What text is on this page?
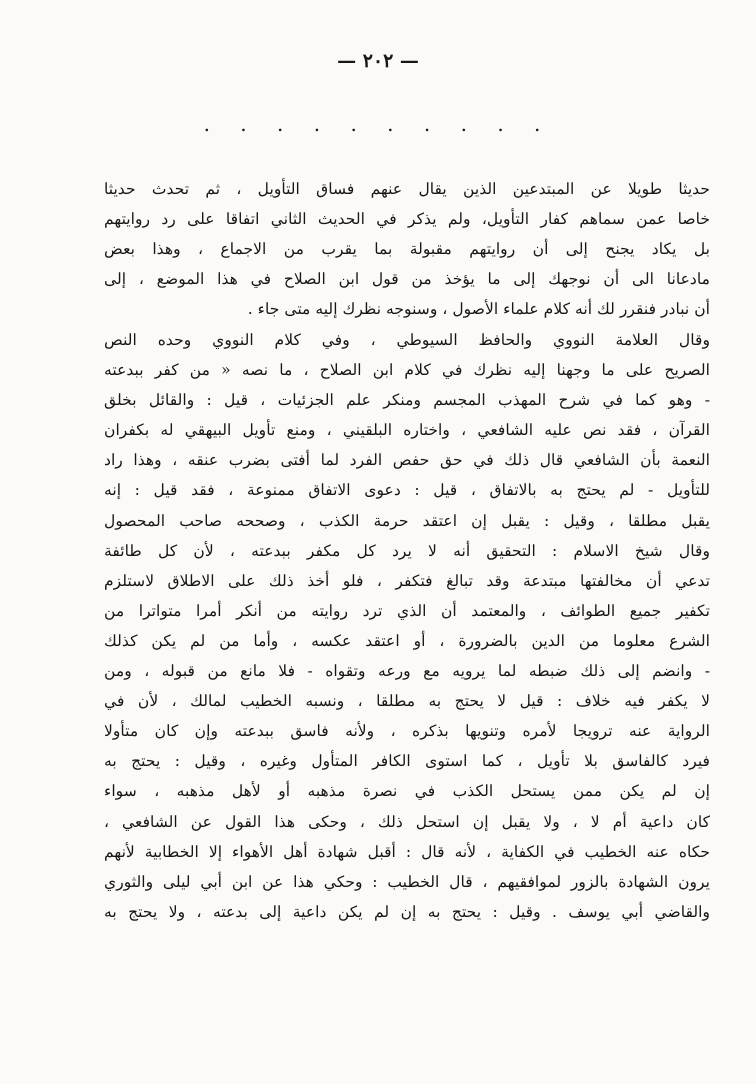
— ٢٠٢ —
. . . . . . . . . .
حديثا طويلا عن المبتدعين الذين يقال عنهم فساق التأويل ، ثم تحدث حديثا
خاصا عمن سماهم كفار التأويل، ولم يذكر في الحديث الثاني اتفاقا على رد روايتهم
بل يكاد يجنح إلى أن روايتهم مقبولة بما يقرب من الاجماع ، وهذا بعض
مادعانا الى أن نوجهك إلى ما يؤخذ من قول ابن الصلاح في هذا الموضع ، إلى
أن نبادر فنقرر لك أنه كلام علماء الأصول ، وسنوجه نظرك إليه متى جاء .
وقال العلامة النووي والحافظ السيوطي ، وفي كلام النووي وحده النص
الصريح على ما وجهنا إليه نظرك في كلام ابن الصلاح ، ما نصه « من كفر ببدعته
- وهو كما في شرح المهذب المجسم ومنكر علم الجزئيات ، قيل : والقائل بخلق
القرآن ، فقد نص عليه الشافعي ، واختاره البلقيني ، ومنع تأويل البيهقي له بكفران
النعمة بأن الشافعي قال ذلك في حق حفص الفرد لما أفتى بضرب عنقه ، وهذا راد
للتأويل - لم يحتج به بالاتفاق ، قيل : دعوى الاتفاق ممنوعة ، فقد قيل : إنه
يقبل مطلقا ، وقيل : يقبل إن اعتقد حرمة الكذب ، وصححه صاحب المحصول
وقال شيخ الاسلام : التحقيق أنه لا يرد كل مكفر ببدعته ، لأن كل طائفة
تدعي أن مخالفتها مبتدعة وقد تبالغ فتكفر ، فلو أخذ ذلك على الاطلاق لاستلزم
تكفير جميع الطوائف ، والمعتمد أن الذي ترد روايته من أنكر أمرا متواترا من
الشرع معلوما من الدين بالضرورة ، أو اعتقد عكسه ، وأما من لم يكن كذلك
- وانضم إلى ذلك ضبطه لما يرويه مع ورعه وتقواه - فلا مانع من قبوله ، ومن
لا يكفر فيه خلاف : قيل لا يحتج به مطلقا ، ونسبه الخطيب لمالك ، لأن في
الرواية عنه ترويجا لأمره وتنويها بذكره ، ولأنه فاسق ببدعته وإن كان متأولا
فيرد كالفاسق بلا تأويل ، كما استوى الكافر المتأول وغيره ، وقيل : يحتج به
إن لم يكن ممن يستحل الكذب في نصرة مذهبه أو لأهل مذهبه ، سواء
كان داعية أم لا ، ولا يقبل إن استحل ذلك ، وحكى هذا القول عن الشافعي ،
حكاه عنه الخطيب في الكفاية ، لأنه قال : أقبل شهادة أهل الأهواء إلا الخطابية لأنهم
يرون الشهادة بالزور لموافقيهم ، قال الخطيب : وحكي هذا عن ابن أبي ليلى والثوري
والقاضي أبي يوسف . وقيل : يحتج به إن لم يكن داعية إلى بدعته ، ولا يحتج به
